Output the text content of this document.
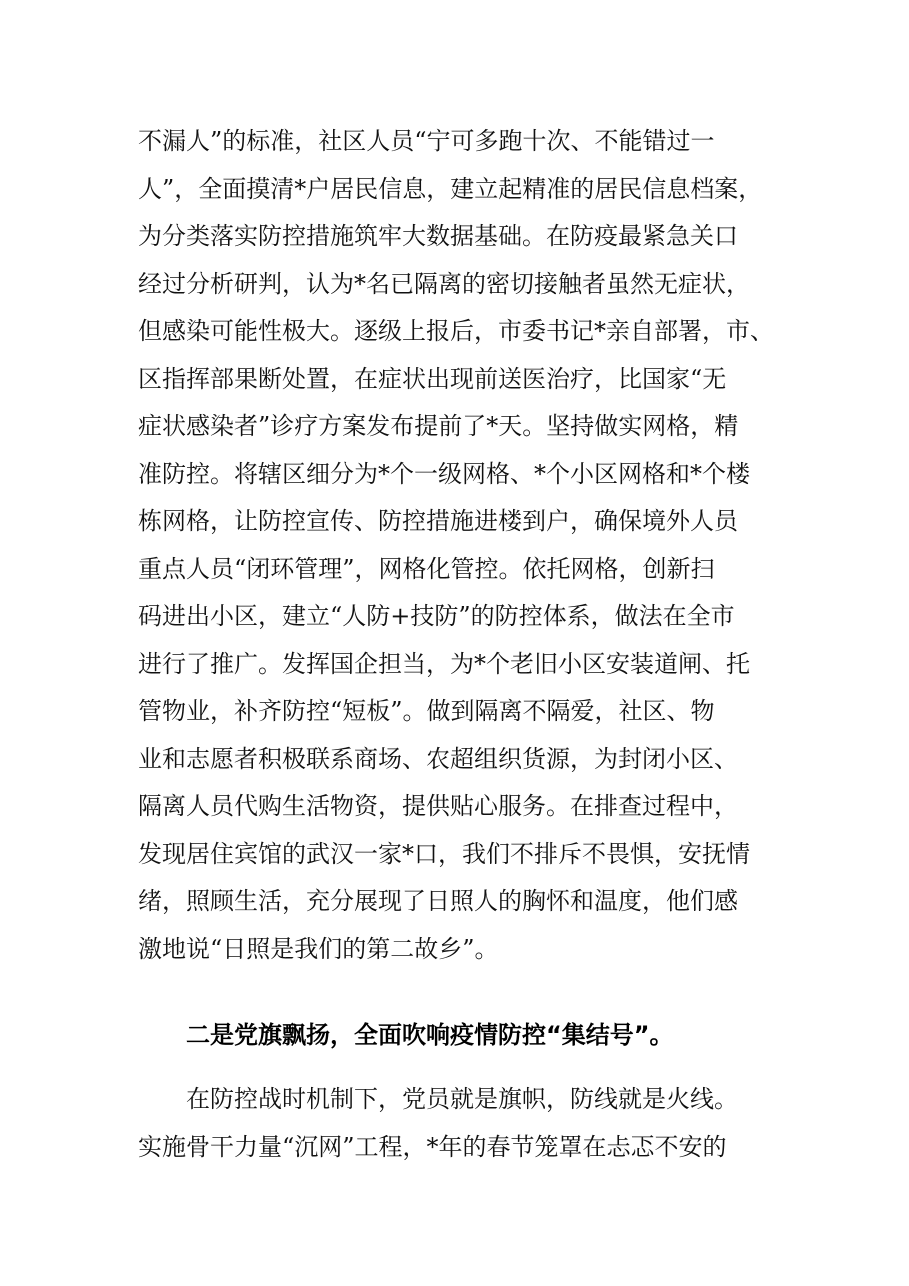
不漏人”的标准，社区人员“宁可多跑十次、不能错过一
人”，全面摸清*户居民信息，建立起精准的居民信息档案，
为分类落实防控措施筑牢大数据基础。在防疫最紧急关口
经过分析研判，认为*名已隔离的密切接触者虽然无症状，
但感染可能性极大。逐级上报后，市委书记*亲自部署，市、
区指挥部果断处置，在症状出现前送医治疗，比国家“无
症状感染者”诊疗方案发布提前了*天。坚持做实网格，精
准防控。将辖区细分为*个一级网格、*个小区网格和*个楼
栋网格，让防控宣传、防控措施进楼到户，确保境外人员
重点人员“闭环管理”，网格化管控。依托网格，创新扫
码进出小区，建立“人防+技防”的防控体系，做法在全市
进行了推广。发挥国企担当，为*个老旧小区安装道闸、托
管物业，补齐防控“短板”。做到隔离不隔爱，社区、物
业和志愿者积极联系商场、农超组织货源，为封闭小区、
隔离人员代购生活物资，提供贴心服务。在排查过程中，
发现居住宾馆的武汉一家*口，我们不排斥不畏惧，安抚情
绪，照顾生活，充分展现了日照人的胸怀和温度，他们感
激地说“日照是我们的第二故乡”。
二是党旗飘扬，全面吹响疫情防控“集结号”。
　　在防控战时机制下，党员就是旗帜，防线就是火线。
实施骨干力量“沉网”工程，*年的春节笼罩在忐忑不安的
